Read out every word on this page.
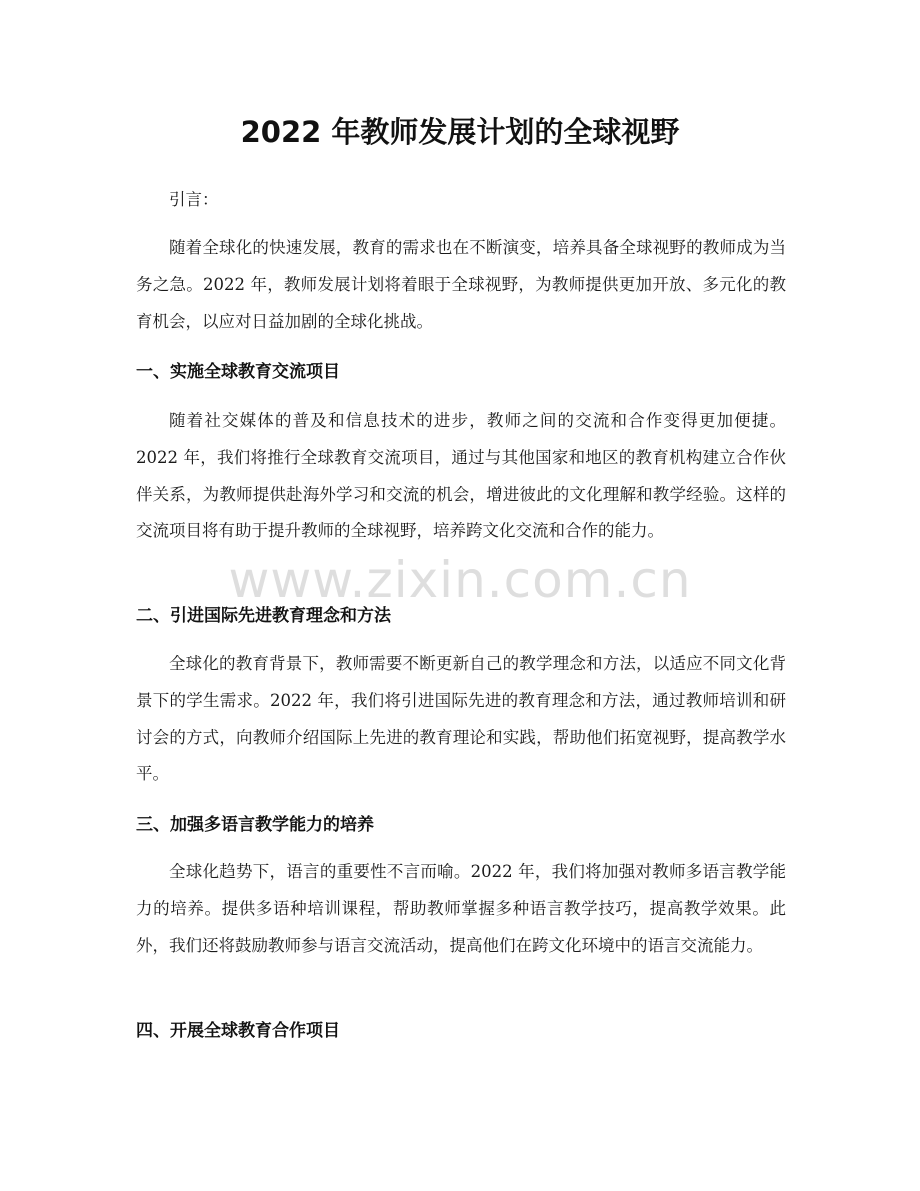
2022 年教师发展计划的全球视野

引言：

随着全球化的快速发展，教育的需求也在不断演变，培养具备全球视野的教师成为当务之急。2022 年，教师发展计划将着眼于全球视野，为教师提供更加开放、多元化的教育机会，以应对日益加剧的全球化挑战。

一、实施全球教育交流项目

随着社交媒体的普及和信息技术的进步，教师之间的交流和合作变得更加便捷。2022 年，我们将推行全球教育交流项目，通过与其他国家和地区的教育机构建立合作伙伴关系，为教师提供赴海外学习和交流的机会，增进彼此的文化理解和教学经验。这样的交流项目将有助于提升教师的全球视野，培养跨文化交流和合作的能力。

二、引进国际先进教育理念和方法

全球化的教育背景下，教师需要不断更新自己的教学理念和方法，以适应不同文化背景下的学生需求。2022 年，我们将引进国际先进的教育理念和方法，通过教师培训和研讨会的方式，向教师介绍国际上先进的教育理论和实践，帮助他们拓宽视野，提高教学水平。

三、加强多语言教学能力的培养

全球化趋势下，语言的重要性不言而喻。2022 年，我们将加强对教师多语言教学能力的培养。提供多语种培训课程，帮助教师掌握多种语言教学技巧，提高教学效果。此外，我们还将鼓励教师参与语言交流活动，提高他们在跨文化环境中的语言交流能力。

四、开展全球教育合作项目

www.zixin.com.cn
